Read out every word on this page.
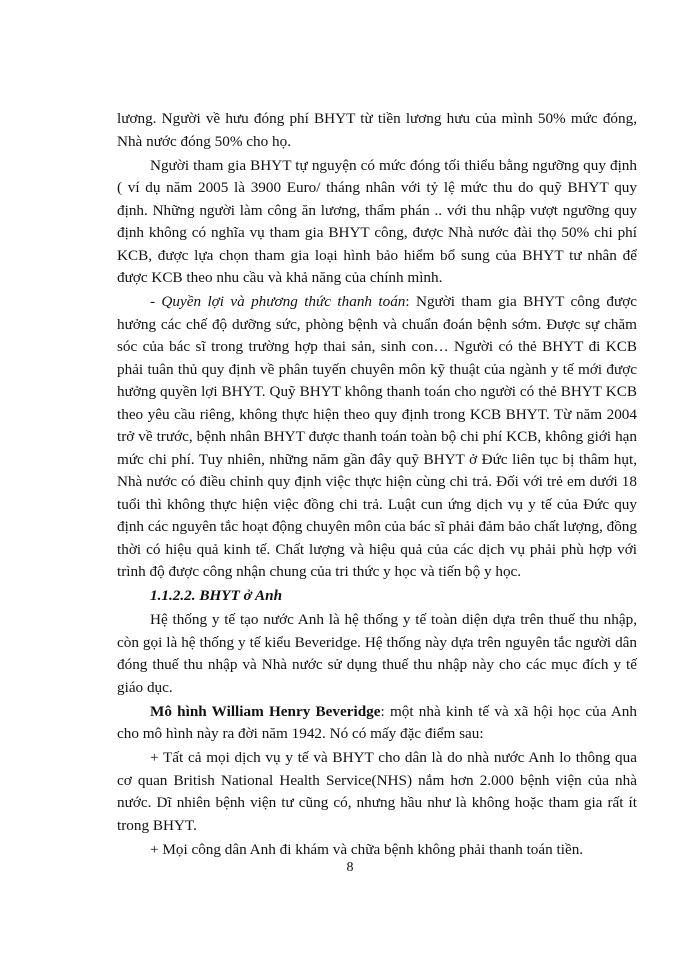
lương. Người về hưu đóng phí BHYT từ tiền lương hưu của mình 50% mức đóng, Nhà nước đóng 50% cho họ.

Người tham gia BHYT tự nguyện có mức đóng tối thiểu bằng ngưỡng quy định ( ví dụ năm 2005 là 3900 Euro/ tháng nhân với tỷ lệ mức thu do quỹ BHYT quy định. Những người làm công ăn lương, thẩm phán .. với thu nhập vượt ngưỡng quy định không có nghĩa vụ tham gia BHYT công, được Nhà nước đài thọ 50% chi phí KCB, được lựa chọn tham gia loại hình bảo hiểm bổ sung của BHYT tư nhân để được KCB theo nhu cầu và khả năng của chính mình.

- Quyền lợi và phương thức thanh toán: Người tham gia BHYT công được hưởng các chế độ dưỡng sức, phòng bệnh và chuẩn đoán bệnh sớm. Được sự chăm sóc của bác sĩ trong trường hợp thai sản, sinh con… Người có thẻ BHYT đi KCB phải tuân thủ quy định về phân tuyến chuyên môn kỹ thuật của ngành y tế mới được hưởng quyền lợi BHYT. Quỹ BHYT không thanh toán cho người có thẻ BHYT KCB theo yêu cầu riêng, không thực hiện theo quy định trong KCB BHYT. Từ năm 2004 trở về trước, bệnh nhân BHYT được thanh toán toàn bộ chi phí KCB, không giới hạn mức chi phí. Tuy nhiên, những năm gần đây quỹ BHYT ở Đức liên tục bị thâm hụt, Nhà nước có điều chỉnh quy định việc thực hiện cùng chi trả. Đối với trẻ em dưới 18 tuổi thì không thực hiện việc đồng chi trả. Luật cun ứng dịch vụ y tế của Đức quy định các nguyên tắc hoạt động chuyên môn của bác sĩ phải đảm bảo chất lượng, đồng thời có hiệu quả kinh tế. Chất lượng và hiệu quả của các dịch vụ phải phù hợp với trình độ được công nhận chung của tri thức y học và tiến bộ y học.

1.1.2.2. BHYT ở Anh

Hệ thống y tế tạo nước Anh là hệ thống y tế toàn diện dựa trên thuế thu nhập, còn gọi là hệ thống y tế kiểu Beveridge. Hệ thống này dựa trên nguyên tắc người dân đóng thuế thu nhập và Nhà nước sử dụng thuế thu nhập này cho các mục đích y tế giáo dục.

Mô hình William Henry Beveridge: một nhà kinh tế và xã hội học của Anh cho mô hình này ra đời năm 1942. Nó có mấy đặc điểm sau:

+ Tất cả mọi dịch vụ y tế và BHYT cho dân là do nhà nước Anh lo thông qua cơ quan British National Health Service(NHS) nắm hơn 2.000 bệnh viện của nhà nước. Dĩ nhiên bệnh viện tư cũng có, nhưng hầu như là không hoặc tham gia rất ít trong BHYT.

+ Mọi công dân Anh đi khám và chữa bệnh không phải thanh toán tiền.

8
